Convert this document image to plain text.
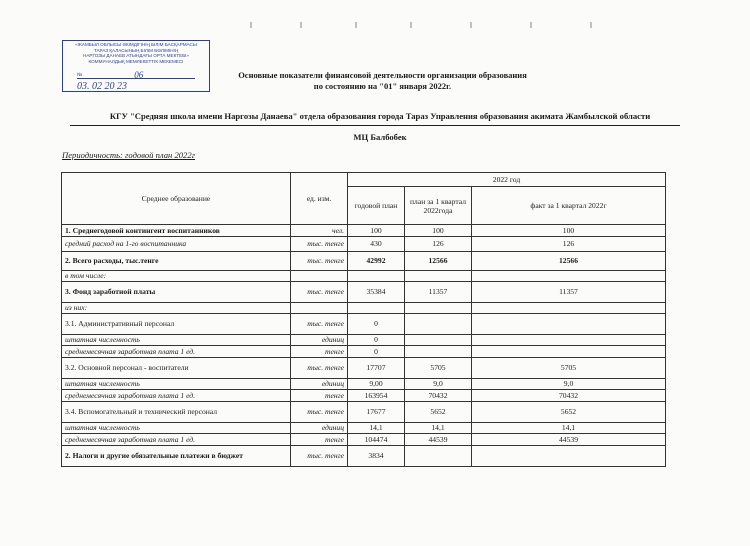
«ЖАМБЫЛ ОБЛЫСЫ ӘКІМДІГІНІҢ БІЛІМ БАСҚАРМАСЫ
ТАРАЗ ҚАЛАСЫНЫҢ БІЛІМ БӨЛІМІНІҢ
НАРГОЗЫ ДАНАЕВ АТЫНДАҒЫ ОРТА МЕКТЕБІ»
КОММУНАЛДЫҚ МЕМЛЕКЕТТІК МЕКЕМЕСІ
№	06
03. 02 20 23
Основные показатели финансовой деятельности организации образования
по состоянию на "01" января 2022г.
КГУ "Средняя школа имени Наргозы Данаева" отдела образования города Тараз Управления образования акимата Жамбылской области
МЦ Балбобек
Периодичность: годовой план 2022г
Среднее образование	ед. изм.	2022 год		
		годовой план	план за 1 квартал 2022года	факт за 1 квартал 2022г
1. Среднегодовой контингент воспитанников	чел.	100	100	100
средний расход на 1-го воспитанника	тыс. тенге	430	126	126
2. Всего расходы, тыс.тенге	тыс. тенге	42992	12566	12566
в том числе:				
3. Фонд заработной платы	тыс. тенге	35384	11357	11357
из них:				
3.1. Административный персонал	тыс. тенге	0		
штатная численность	единиц	0		
среднемесячная заработная плата 1 ед.	тенге	0		
3.2. Основной персонал - воспитатели	тыс. тенге	17707	5705	5705
штатная численность	единиц	9,00	9,0	9,0
среднемесячная заработная плата 1 ед.	тенге	163954	70432	70432
3.4. Вспомогательный и технический персонал	тыс. тенге	17677	5652	5652
штатная численность	единиц	14,1	14,1	14,1
среднемесячная заработная плата 1 ед.	тенге	104474	44539	44539
2. Налоги и другие обязательные платежи в бюджет	тыс. тенге	3834		
